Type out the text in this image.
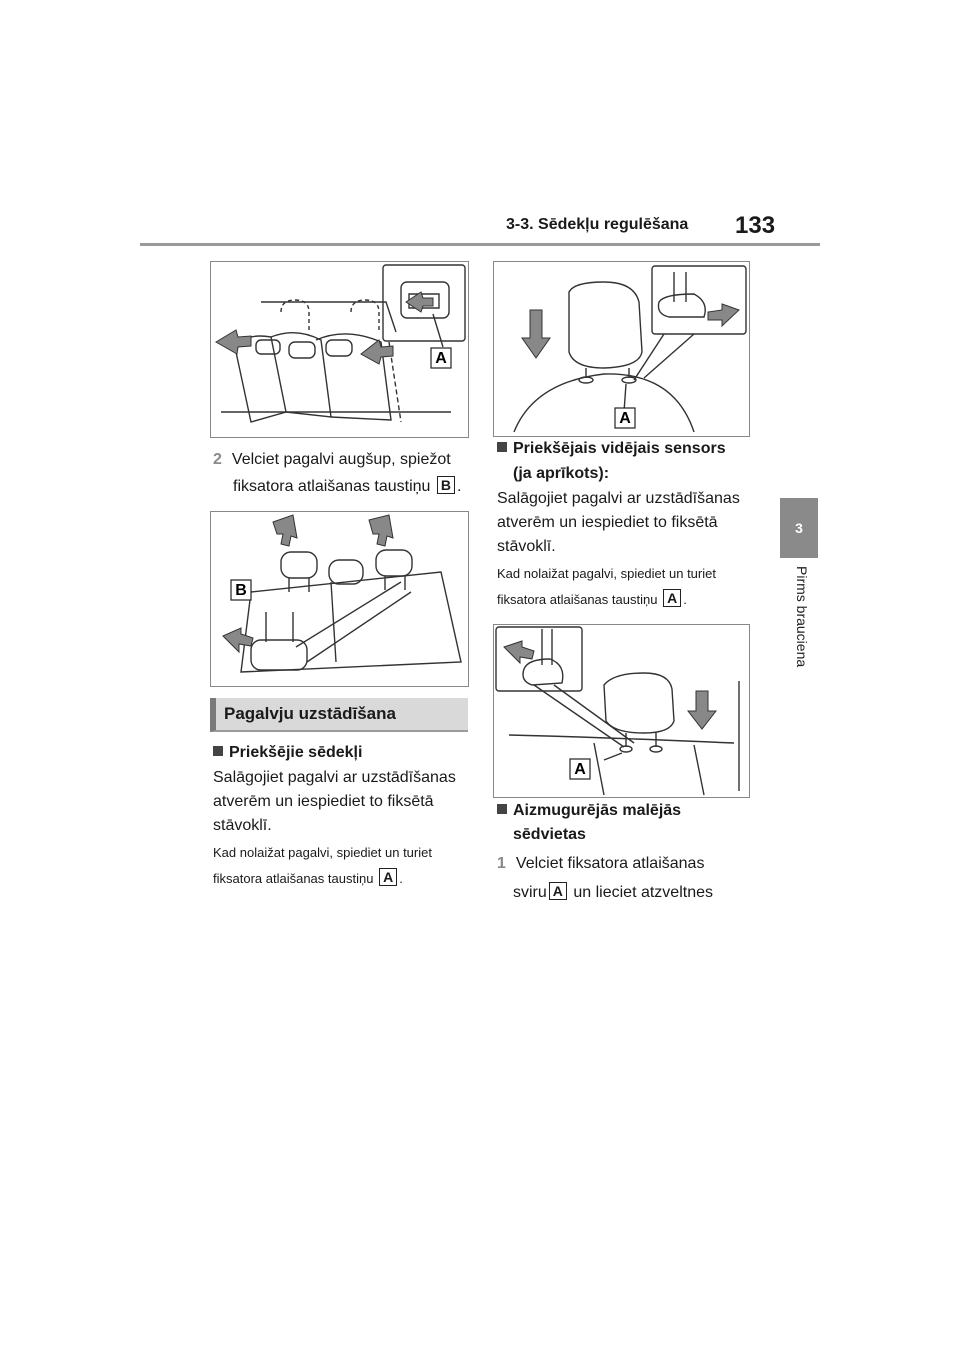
3-3. Sēdekļu regulēšana 133
3
Pirms brauciena
A
B
2 Velciet pagalvi augšup, spiežot
fiksatora atlaišanas taustiņu B .
Pagalvju uzstādīšana
Priekšējie sēdekļi
Salāgojiet pagalvi ar uzstādīšanas
atverēm un iespiediet to fiksētā
stāvoklī.
Kad nolaižat pagalvi, spiediet un turiet
fiksatora atlaišanas taustiņu A .
A
Priekšējais vidējais sensors
(ja aprīkots):
Salāgojiet pagalvi ar uzstādīšanas
atverēm un iespiediet to fiksētā
stāvoklī.
Kad nolaižat pagalvi, spiediet un turiet
fiksatora atlaišanas taustiņu A .
A
Aizmugurējās malējās
sēdvietas
1 Velciet fiksatora atlaišanas
sviru A un lieciet atzveltnes
